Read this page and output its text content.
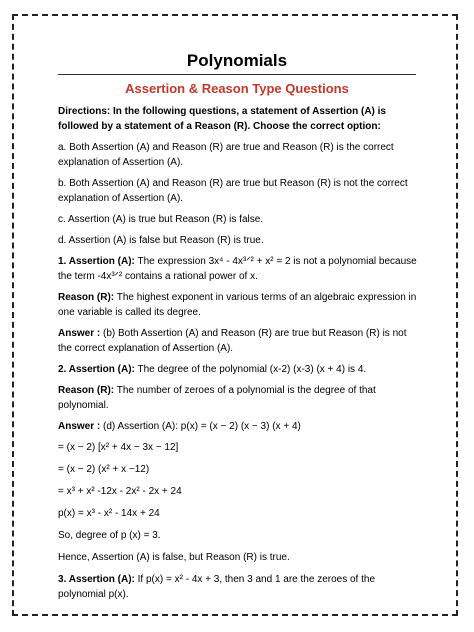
Polynomials
Assertion & Reason Type Questions

Directions: In the following questions, a statement of Assertion (A) is followed by a statement of a Reason (R). Choose the correct option:

a. Both Assertion (A) and Reason (R) are true and Reason (R) is the correct explanation of Assertion (A).

b. Both Assertion (A) and Reason (R) are true but Reason (R) is not the correct explanation of Assertion (A).

c. Assertion (A) is true but Reason (R) is false.

d. Assertion (A) is false but Reason (R) is true.

1. Assertion (A): The expression 3x⁴ - 4x³ᐟ² + x² = 2 is not a polynomial because the term -4x³ᐟ² contains a rational power of x.

Reason (R): The highest exponent in various terms of an algebraic expression in one variable is called its degree.

Answer : (b) Both Assertion (A) and Reason (R) are true but Reason (R) is not the correct explanation of Assertion (A).

2. Assertion (A): The degree of the polynomial (x-2) (x-3) (x + 4) is 4.

Reason (R): The number of zeroes of a polynomial is the degree of that polynomial.

Answer : (d) Assertion (A): p(x) = (x − 2) (x − 3) (x + 4)

= (x − 2) [x² + 4x − 3x − 12]

= (x − 2) (x² + x −12)

= x³ + x² -12x - 2x² - 2x + 24

p(x) = x³ - x² - 14x + 24

So, degree of p (x) = 3.

Hence, Assertion (A) is false, but Reason (R) is true.

3. Assertion (A): If p(x) = x² - 4x + 3, then 3 and 1 are the zeroes of the polynomial p(x).
